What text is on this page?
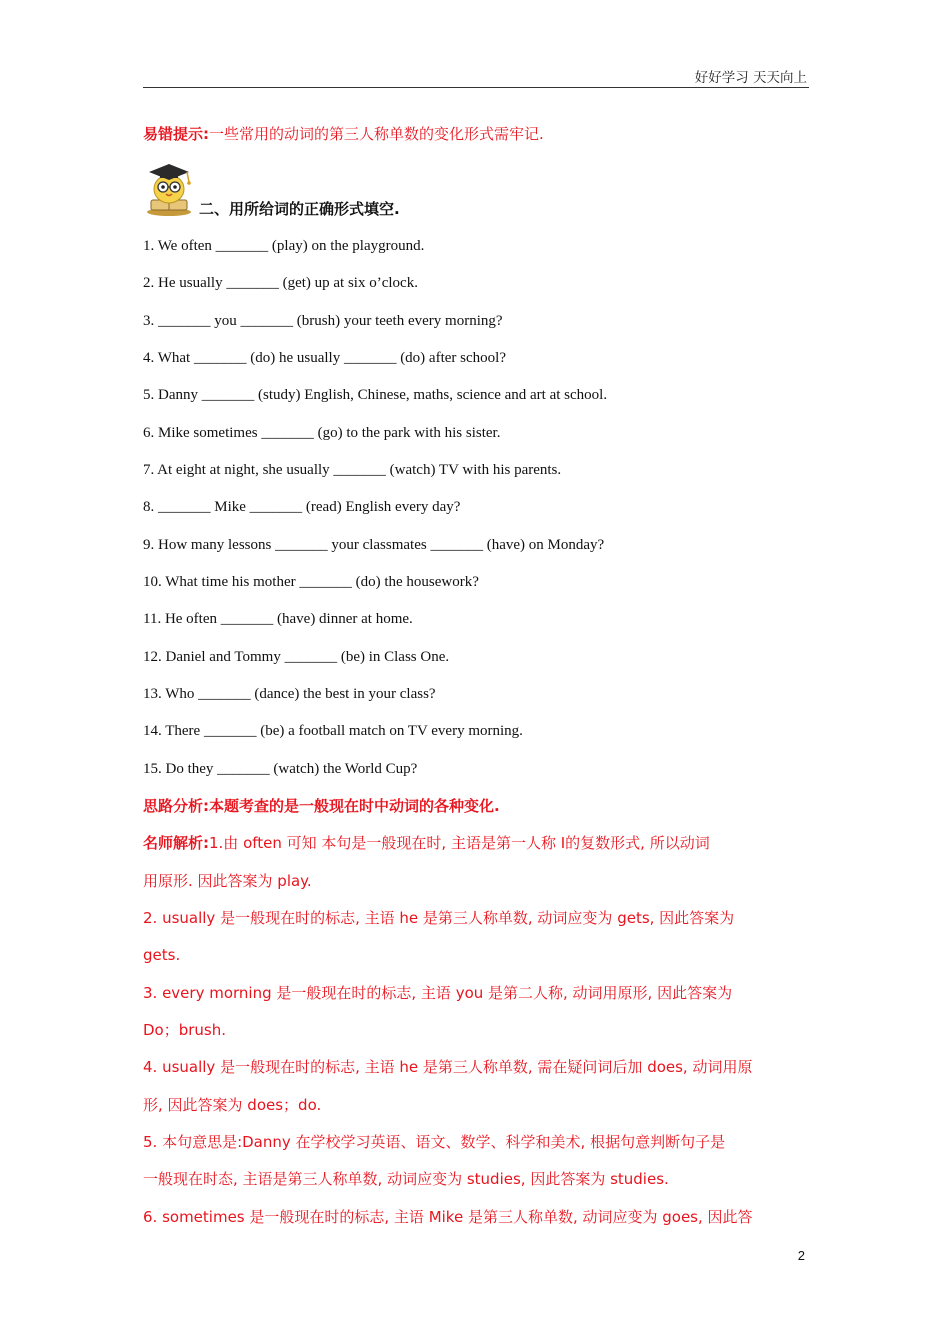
好好学习 天天向上
易错提示:一些常用的动词的第三人称单数的变化形式需牢记.
二、用所给词的正确形式填空.
1. We often _______ (play) on the playground.
2. He usually _______ (get) up at six o’clock.
3. _______ you _______ (brush) your teeth every morning?
4. What _______ (do) he usually _______ (do) after school?
5. Danny _______ (study) English, Chinese, maths, science and art at school.
6. Mike sometimes _______ (go) to the park with his sister.
7. At eight at night, she usually _______ (watch) TV with his parents.
8. _______ Mike _______ (read) English every day?
9. How many lessons _______ your classmates _______ (have) on Monday?
10. What time his mother _______ (do) the housework?
11. He often _______ (have) dinner at home.
12. Daniel and Tommy _______ (be) in Class One.
13. Who _______ (dance) the best in your class?
14. There _______ (be) a football match on TV every morning.
15. Do they _______ (watch) the World Cup?
思路分析:本题考查的是一般现在时中动词的各种变化.
名师解析:1.由 often 可知 本句是一般现在时, 主语是第一人称 I的复数形式, 所以动词
用原形. 因此答案为 play.
2. usually 是一般现在时的标志, 主语 he 是第三人称单数, 动词应变为 gets, 因此答案为
gets.
3. every morning 是一般现在时的标志, 主语 you 是第二人称, 动词用原形, 因此答案为
Do；brush.
4. usually 是一般现在时的标志, 主语 he 是第三人称单数, 需在疑问词后加 does, 动词用原
形, 因此答案为 does；do.
5. 本句意思是:Danny 在学校学习英语、语文、数学、科学和美术, 根据句意判断句子是
一般现在时态, 主语是第三人称单数, 动词应变为 studies, 因此答案为 studies.
6. sometimes 是一般现在时的标志, 主语 Mike 是第三人称单数, 动词应变为 goes, 因此答
2
